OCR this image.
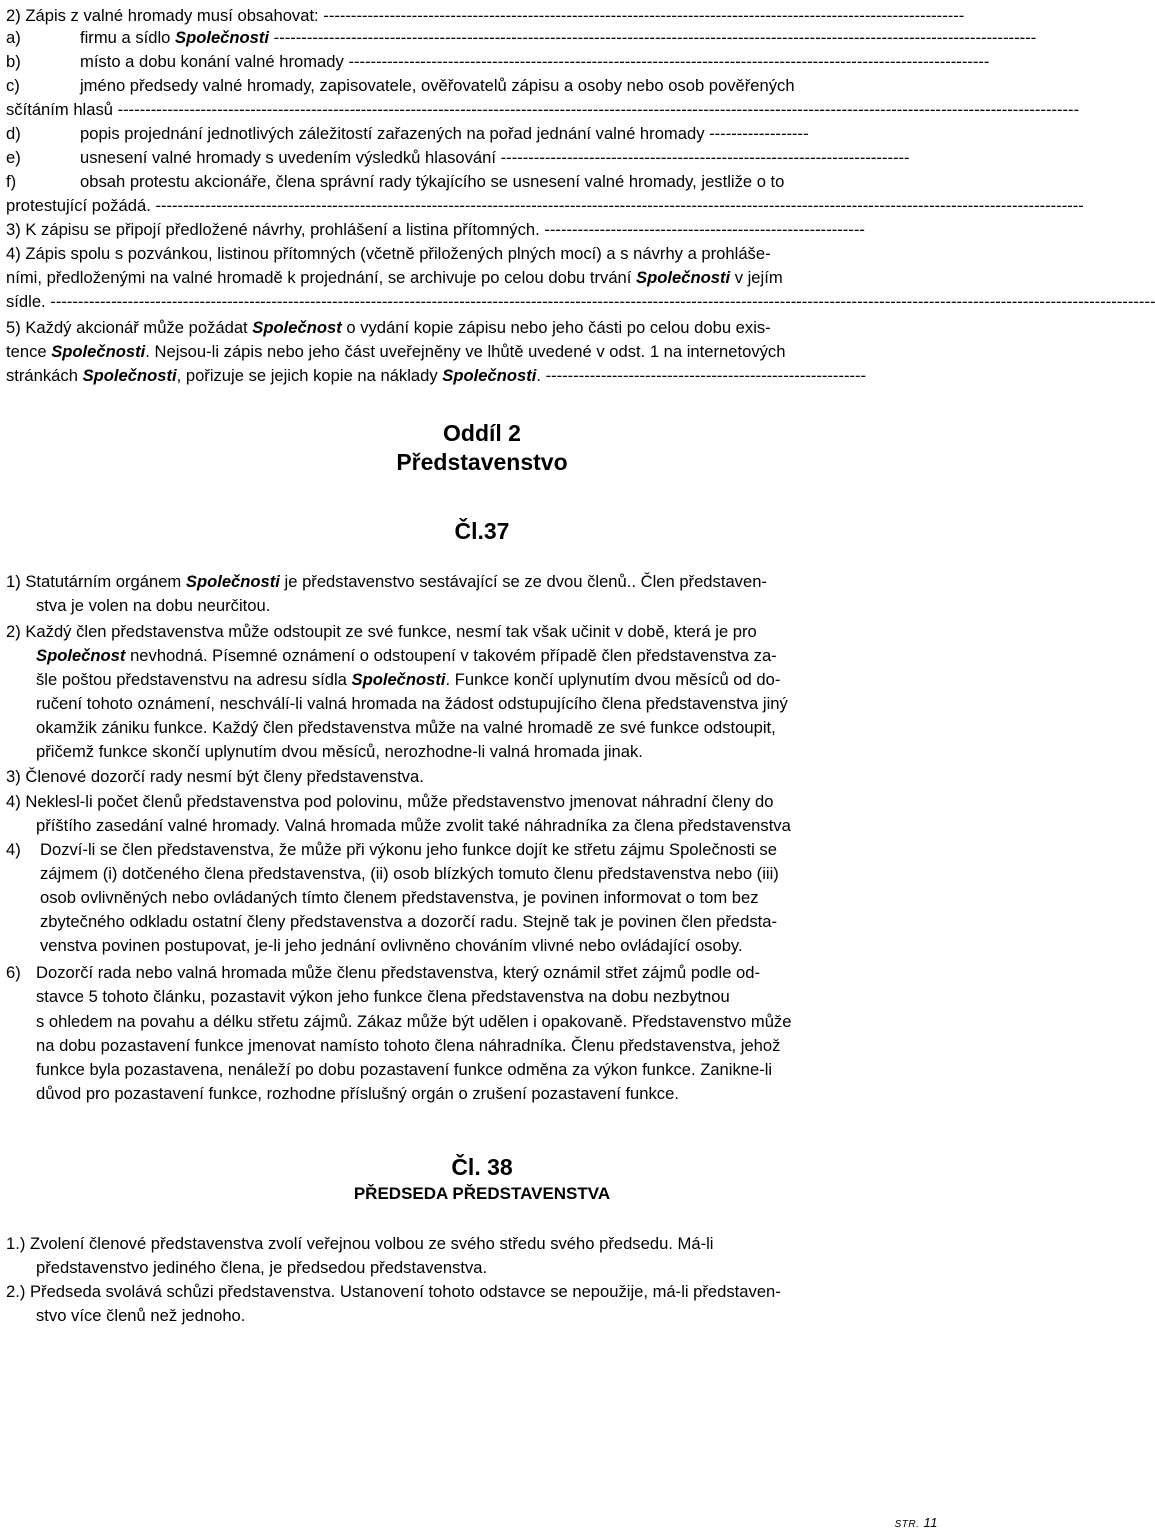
2) Zápis z valné hromady musí obsahovat: --------------------------------------------------------------------------------------------------------------------
a)	firmu a sídlo Společnosti ------------------------------------------------------------------------------------------------------------------------------------------
b)	místo a dobu konání valné hromady --------------------------------------------------------------------------------------------------------------------
c)	jméno předsedy valné hromady, zapisovatele, ověřovatelů zápisu a osoby nebo osob pověřených
sčítáním hlasů ------------------------------------------------------------------------------------------------------------------------------------------------------------------------------
d)	popis projednání jednotlivých záležitostí zařazených na pořad jednání valné hromady ------------------
e)	usnesení valné hromady s uvedením výsledků hlasování --------------------------------------------------------------------------
f)	obsah protestu akcionáře, člena správní rady týkajícího se usnesení valné hromady, jestliže o to
protestující požádá. ------------------------------------------------------------------------------------------------------------------------------------------------------------------------
3) K zápisu se připojí předložené návrhy, prohlášení a listina přítomných. ----------------------------------------------------------
4) Zápis spolu s pozvánkou, listinou přítomných (včetně přiložených plných mocí) a s návrhy a prohláše-
ními, předloženými na valné hromadě k projednání, se archivuje po celou dobu trvání Společnosti v jejím
sídle. --------------------------------------------------------------------------------------------------------------------------------------------------------------------------------------------------------
5) Každý akcionář může požádat Společnost o vydání kopie zápisu nebo jeho části po celou dobu exis-
tence Společnosti. Nejsou-li zápis nebo jeho část uveřejněny ve lhůtě uvedené v odst. 1 na internetových
stránkách Společnosti, pořizuje se jejich kopie na náklady Společnosti. ----------------------------------------------------------
Oddíl 2
Představenstvo
Čl.37
1) Statutárním orgánem Společnosti je představenstvo sestávající se ze dvou členů.. Člen představen-
stva je volen na dobu neurčitou.
2) Každý člen představenstva může odstoupit ze své funkce, nesmí tak však učinit v době, která je pro
Společnost nevhodná. Písemné oznámení o odstoupení v takovém případě člen představenstva za-
šle poštou představenstvu na adresu sídla Společnosti. Funkce končí uplynutím dvou měsíců od do-
ručení tohoto oznámení, neschválí-li valná hromada na žádost odstupujícího člena představenstva jiný
okamžik zániku funkce. Každý člen představenstva může na valné hromadě ze své funkce odstoupit,
přičemž funkce skončí uplynutím dvou měsíců, nerozhodne-li valná hromada jinak.
3) Členové dozorčí rady nesmí být členy představenstva.
4) Neklesl-li počet členů představenstva pod polovinu, může představenstvo jmenovat náhradní členy do
příštího zasedání valné hromady. Valná hromada může zvolit také náhradníka za člena představenstva
4) Dozví-li se člen představenstva, že může při výkonu jeho funkce dojít ke střetu zájmu Společnosti se
zájmem (i) dotčeného člena představenstva, (ii) osob blízkých tomuto členu představenstva nebo (iii)
osob ovlivněných nebo ovládaných tímto členem představenstva, je povinen informovat o tom bez
zbytečného odkladu ostatní členy představenstva a dozorčí radu. Stejně tak je povinen člen předsta-
venstva povinen postupovat, je-li jeho jednání ovlivněno chováním vlivné nebo ovládající osoby.
6) Dozorčí rada nebo valná hromada může členu představenstva, který oznámil střet zájmů podle od-
stavce 5 tohoto článku, pozastavit výkon jeho funkce člena představenstva na dobu nezbytnou
s ohledem na povahu a délku střetu zájmů. Zákaz může být udělen i opakovaně. Představenstvo může
na dobu pozastavení funkce jmenovat namísto tohoto člena náhradníka. Členu představenstva, jehož
funkce byla pozastavena, nenáleží po dobu pozastavení funkce odměna za výkon funkce. Zanikne-li
důvod pro pozastavení funkce, rozhodne příslušný orgán o zrušení pozastavení funkce.
Čl. 38
PŘEDSEDA PŘEDSTAVENSTVA
1.) Zvolení členové představenstva zvolí veřejnou volbou ze svého středu svého předsedu. Má-li
představenstvo jediného člena, je předsedou představenstva.
2.) Předseda svolává schůzi představenstva. Ustanovení tohoto odstavce se nepoužije, má-li představen-
stvo více členů než jednoho.
STR. 11
